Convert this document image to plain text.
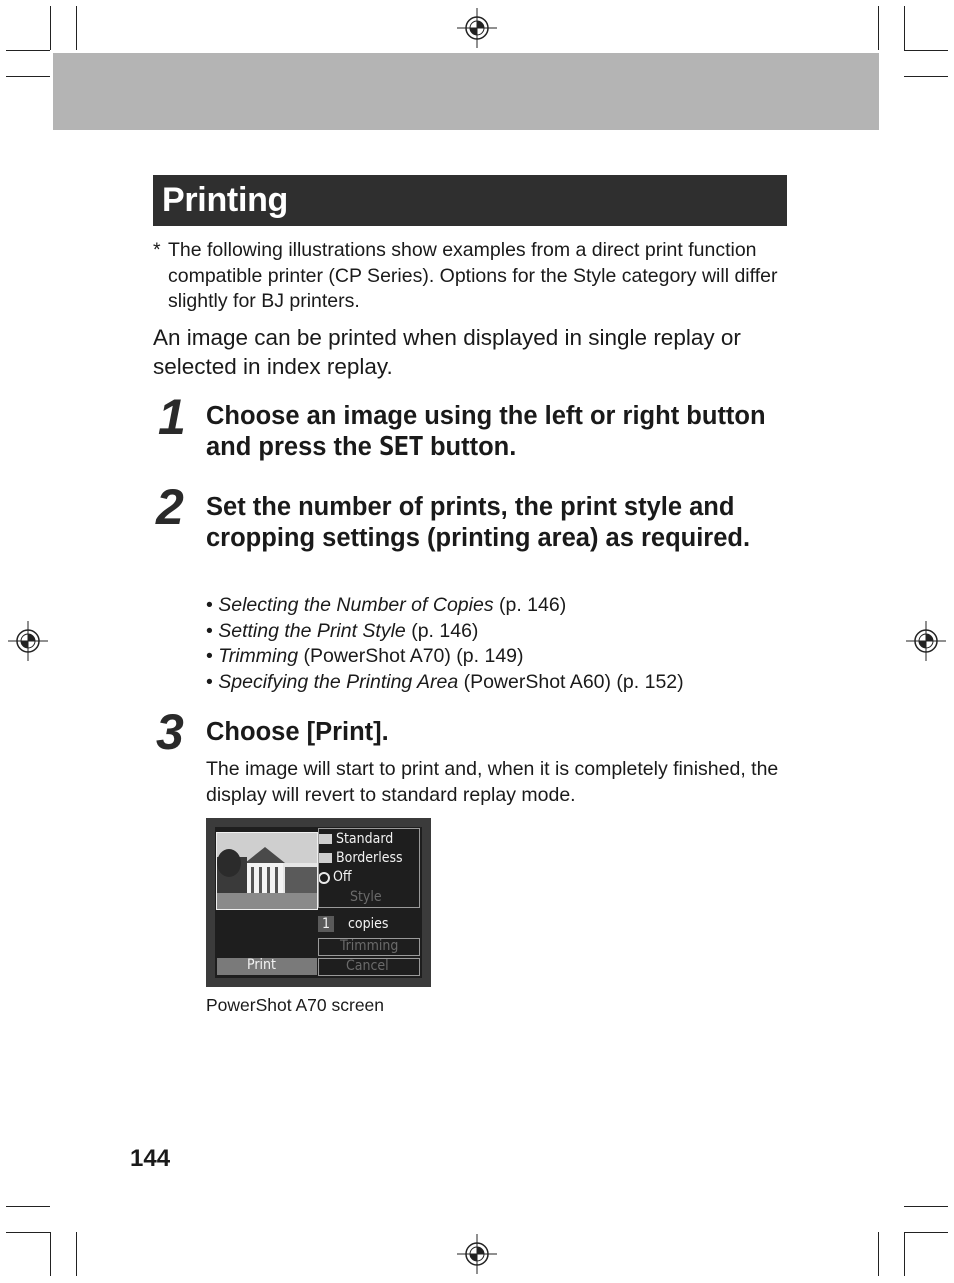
Printing
* The following illustrations show examples from a direct print function compatible printer (CP Series). Options for the Style category will differ slightly for BJ printers.
An image can be printed when displayed in single replay or selected in index replay.
1 Choose an image using the left or right button and press the SET button.
2 Set the number of prints, the print style and cropping settings (printing area) as required.
• Selecting the Number of Copies (p. 146)
• Setting the Print Style (p. 146)
• Trimming (PowerShot A70) (p. 149)
• Specifying the Printing Area (PowerShot A60) (p. 152)
3 Choose [Print].
The image will start to print and, when it is completely finished, the display will revert to standard replay mode.
Standard
Borderless
Off
Style
1 copies
Trimming
Cancel
Print
PowerShot A70 screen
144
